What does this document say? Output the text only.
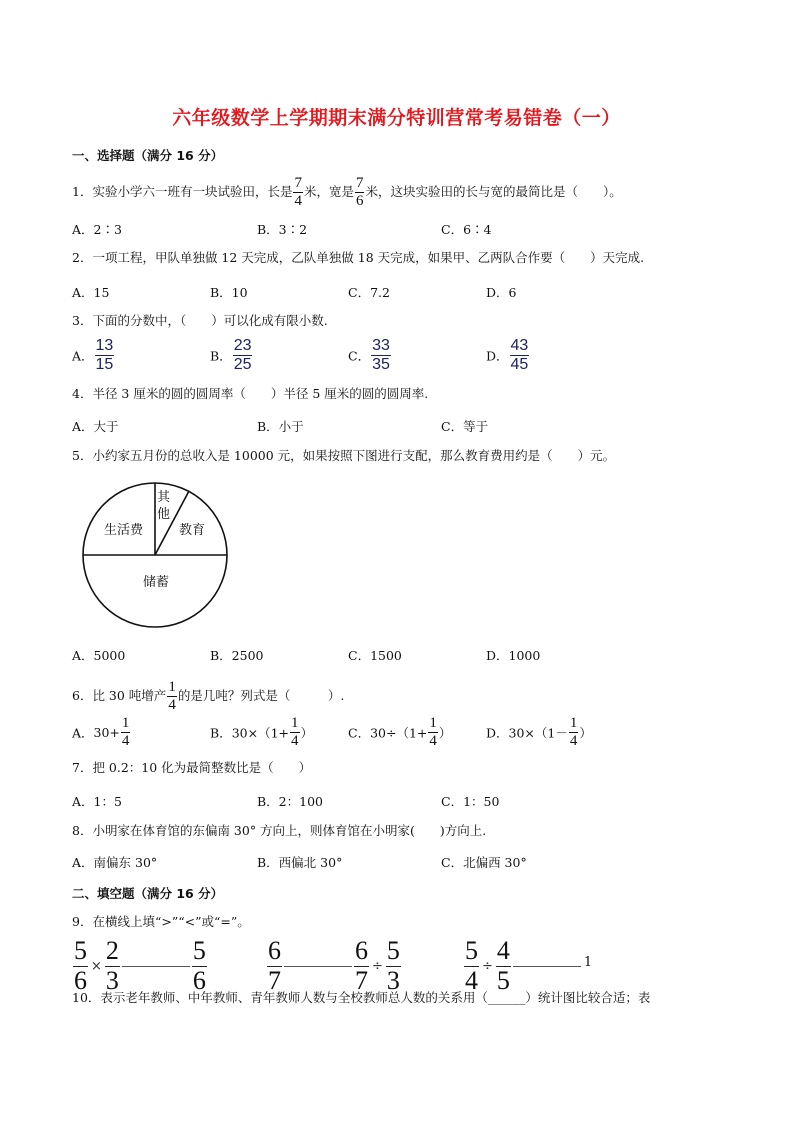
六年级数学上学期期末满分特训营常考易错卷（一）
一、选择题（满分 16 分）
1．实验小学六一班有一块试验田，长是 $\frac{7}{4}$ 米，宽是 $\frac{7}{6}$ 米，这块实验田的长与宽的最简比是（　　）。
A．2∶3	B．3∶2	C．6∶4
2．一项工程，甲队单独做 12 天完成，乙队单独做 18 天完成，如果甲、乙两队合作要（　　）天完成.
A．15	B．10	C．7.2	D．6
3．下面的分数中，（　　）可以化成有限小数.
A． $\frac{13}{15}$	B． $\frac{23}{25}$	C． $\frac{33}{35}$	D． $\frac{43}{45}$
4．半径 3 厘米的圆的圆周率（　　）半径 5 厘米的圆的圆周率.
A．大于	B．小于	C．等于
5．小约家五月份的总收入是 10000 元，如果按照下图进行支配，那么教育费用约是（　　）元。
生活费	教育
储蓄
其
他
A．5000	B．2500	C．1500	D．1000
6．比 30 吨增产 $\frac{1}{4}$ 的是几吨？列式是（　　　）.
A．$30+ \frac{1}{4}$	B．$30\times(1+ \frac{1}{4}$ ）	C．$30\div(1+ \frac{1}{4}$ ）	D．$30\times(1- \frac{1}{4}$ ）
7．把 0.2：10 化为最简整数比是（　　）
A．1：5	B．2：100	C．1：50
8．小明家在体育馆的东偏南 30° 方向上，则体育馆在小明家(　　)方向上.
A．南偏东 30°	B．西偏北 30°	C．北偏西 30°
二、填空题（满分 16 分）
9．在横线上填“>”“<”或“=”。
$\frac{5}{6} \times \frac{2}{3}$	$\frac{5}{6} \frac{6}{7}$	$\frac{6}{7} \div \frac{5}{3} \frac{5}{4} \div \frac{4}{5}$	1
10．表示老年教师、中年教师、青年教师人数与全校教师总人数的关系用（______）统计图比较合适；表
